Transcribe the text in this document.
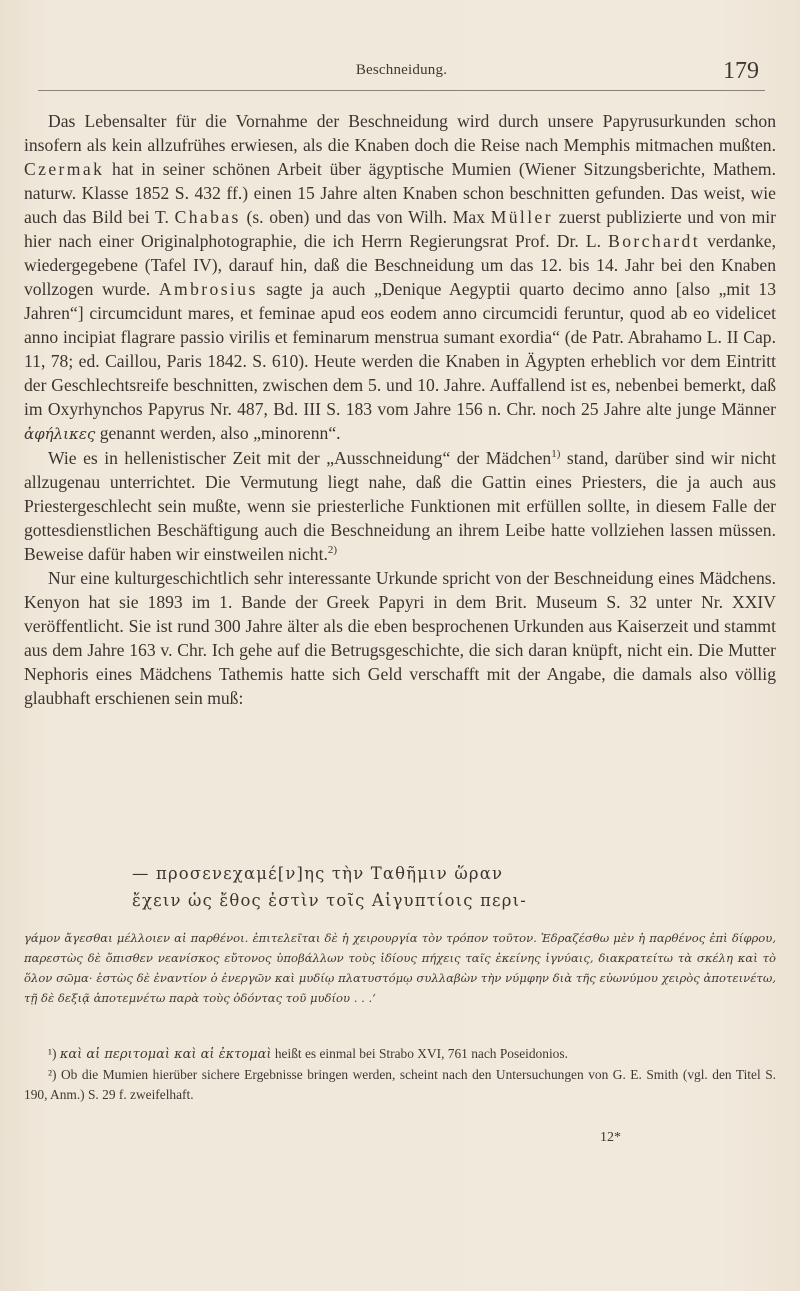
Beschneidung.	179

Das Lebensalter für die Vornahme der Beschneidung wird durch unsere Papyrusurkunden schon insofern als kein allzufrühes erwiesen, als die Knaben doch die Reise nach Memphis mitmachen mußten. Czermak hat in seiner schönen Arbeit über ägyptische Mumien (Wiener Sitzungsberichte, Mathem. naturw. Klasse 1852 S. 432 ff.) einen 15 Jahre alten Knaben schon beschnitten gefunden. Das weist, wie auch das Bild bei T. Chabas (s. oben) und das von Wilh. Max Müller zuerst publizierte und von mir hier nach einer Originalphotographie, die ich Herrn Regierungsrat Prof. Dr. L. Borchardt verdanke, wiedergegebene (Tafel IV), darauf hin, daß die Beschneidung um das 12. bis 14. Jahr bei den Knaben vollzogen wurde. Ambrosius sagte ja auch „Denique Aegyptii quarto decimo anno [also „mit 13 Jahren“] circumcidunt mares, et feminae apud eos eodem anno circumcidi feruntur, quod ab eo videlicet anno incipiat flagrare passio virilis et feminarum menstrua sumant exordia“ (de Patr. Abrahamo L. II Cap. 11, 78; ed. Caillou, Paris 1842. S. 610). Heute werden die Knaben in Ägypten erheblich vor dem Eintritt der Geschlechtsreife beschnitten, zwischen dem 5. und 10. Jahre. Auffallend ist es, nebenbei bemerkt, daß im Oxyrhynchos Papyrus Nr. 487, Bd. III S. 183 vom Jahre 156 n. Chr. noch 25 Jahre alte junge Männer ἀφήλικες genannt werden, also „minorenn“.

Wie es in hellenistischer Zeit mit der „Ausschneidung“ der Mädchen$^{1)}$ stand, darüber sind wir nicht allzugenau unterrichtet. Die Vermutung liegt nahe, daß die Gattin eines Priesters, die ja auch aus Priestergeschlecht sein mußte, wenn sie priesterliche Funktionen mit erfüllen sollte, in diesem Falle der gottesdienstlichen Beschäftigung auch die Beschneidung an ihrem Leibe hatte vollziehen lassen müssen. Beweise dafür haben wir einstweilen nicht.$^{2)}$

Nur eine kulturgeschichtlich sehr interessante Urkunde spricht von der Beschneidung eines Mädchens. Kenyon hat sie 1893 im 1. Bande der Greek Papyri in dem Brit. Museum S. 32 unter Nr. XXIV veröffentlicht. Sie ist rund 300 Jahre älter als die eben besprochenen Urkunden aus Kaiserzeit und stammt aus dem Jahre 163 v. Chr. Ich gehe auf die Betrugsgeschichte, die sich daran knüpft, nicht ein. Die Mutter Nephoris eines Mädchens Tathemis hatte sich Geld verschafft mit der Angabe, die damals also völlig glaubhaft erschienen sein muß:

— προσενεχαμέ[ν]ης τὴν Ταθῆμιν ὥραν
ἔχειν ὡς ἔθος ἐστὶν τοῖς Αἰγυπτίοις περι-
γάμον ἄγεσθαι μέλλοιεν αἱ παρθένοι. ἐπιτελεῖται δὲ ἡ χειρουργία τὸν τρόπον τοῦτον. Ἑδραζέσθω μὲν ἡ παρθένος ἐπὶ δίφρου, παρεστὼς δὲ ὄπισθεν νεανίσκος εὔτονος ὑποβάλλων τοὺς ἰδίους πήχεις ταῖς ἐκείνης ἰγνύαις, διακρατείτω τὰ σκέλη καὶ τὸ ὅλον σῶμα· ἑστὼς δὲ ἐναντίον ὁ ἐνεργῶν καὶ μυδίῳ πλατυστόμῳ συλλαβὼν τὴν νύμφην διὰ τῆς εὐωνύμου χειρὸς ἀποτεινέτω, τῇ δὲ δεξιᾷ ἀποτεμνέτω παρὰ τοὺς ὀδόντας τοῦ μυδίου . . .‘

¹) καὶ αἱ περιτομαὶ καὶ αἱ ἐκτομαὶ heißt es einmal bei Strabo XVI, 761 nach Poseidonios.

²) Ob die Mumien hierüber sichere Ergebnisse bringen werden, scheint nach den Untersuchungen von G. E. Smith (vgl. den Titel S. 190, Anm.) S. 29 f. zweifelhaft.

12*
